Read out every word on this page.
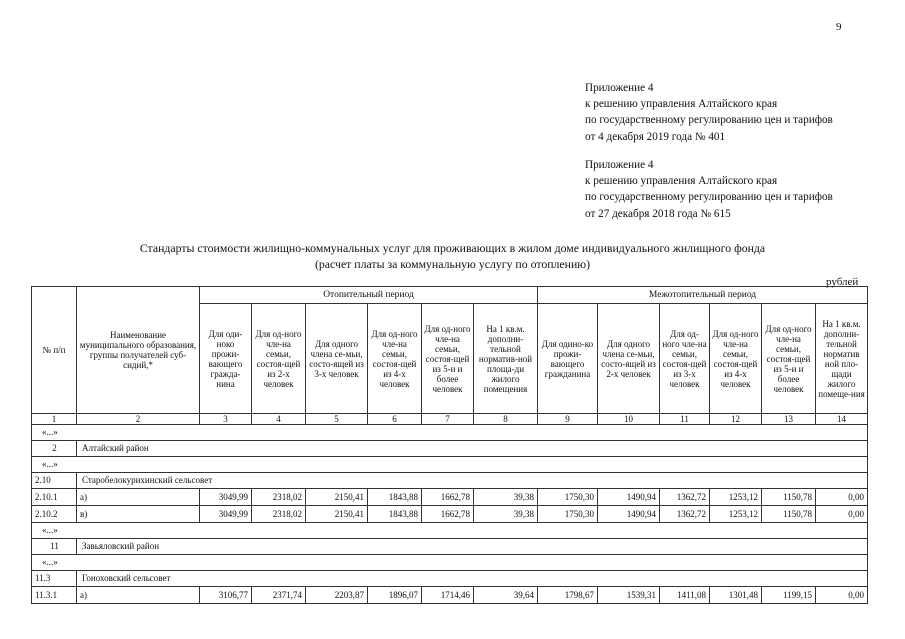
9
Приложение 4
к решению управления Алтайского края
по государственному регулированию цен и тарифов
от 4 декабря 2019 года № 401
Приложение 4
к решению управления Алтайского края
по государственному регулированию цен и тарифов
от 27 декабря 2018 года № 615
Стандарты стоимости жилищно-коммунальных услуг для проживающих в жилом доме индивидуального жилищного фонда
(расчет платы за коммунальную услугу по отоплению)
рублей
№ п/п	Наименование муниципального образования, группы получателей суб-сидий,*	Отопительный период						Межотопительный период					
		Для оди-ноко прожи-вающего гражда-нина	Для од-ного чле-на семьи, состоя-щей из 2-х человек	Для одного члена се-мьи, состо-ящей из 3-х человек	Для од-ного чле-на семьи, состоя-щей из 4-х человек	Для од-ного чле-на семьи, состоя-щей из 5-и и более человек	На 1 кв.м. дополни-тельной норматив-ной площа-ди жилого помещения	Для одино-ко прожи-вающего гражданина	Для одного члена се-мьи, состо-ящей из 2-х человек	Для од-ного чле-на семьи, состоя-щей из 3-х человек	Для од-ного чле-на семьи, состоя-щей из 4-х человек	Для од-ного чле-на семьи, состоя-щей из 5-и и более человек	На 1 кв.м. дополни-тельной норматив ной пло-щади жилого помеще-ния
1	2	3	4	5	6	7	8	9	10	11	12	13	14
«...»													
2	Алтайский район												
«...»													
2.10	Старобелокурихинский сельсовет												
2.10.1	а)	3049,99	2318,02	2150,41	1843,88	1662,78	39,38	1750,30	1490,94	1362,72	1253,12	1150,78	0,00
2.10.2	в)	3049,99	2318,02	2150,41	1843,88	1662,78	39,38	1750,30	1490,94	1362,72	1253,12	1150,78	0,00
«...»													
11	Завьяловский район												
«...»													
11.3	Гоноховский сельсовет												
11.3.1	а)	3106,77	2371,74	2203,87	1896,07	1714,46	39,64	1798,67	1539,31	1411,08	1301,48	1199,15	0,00
